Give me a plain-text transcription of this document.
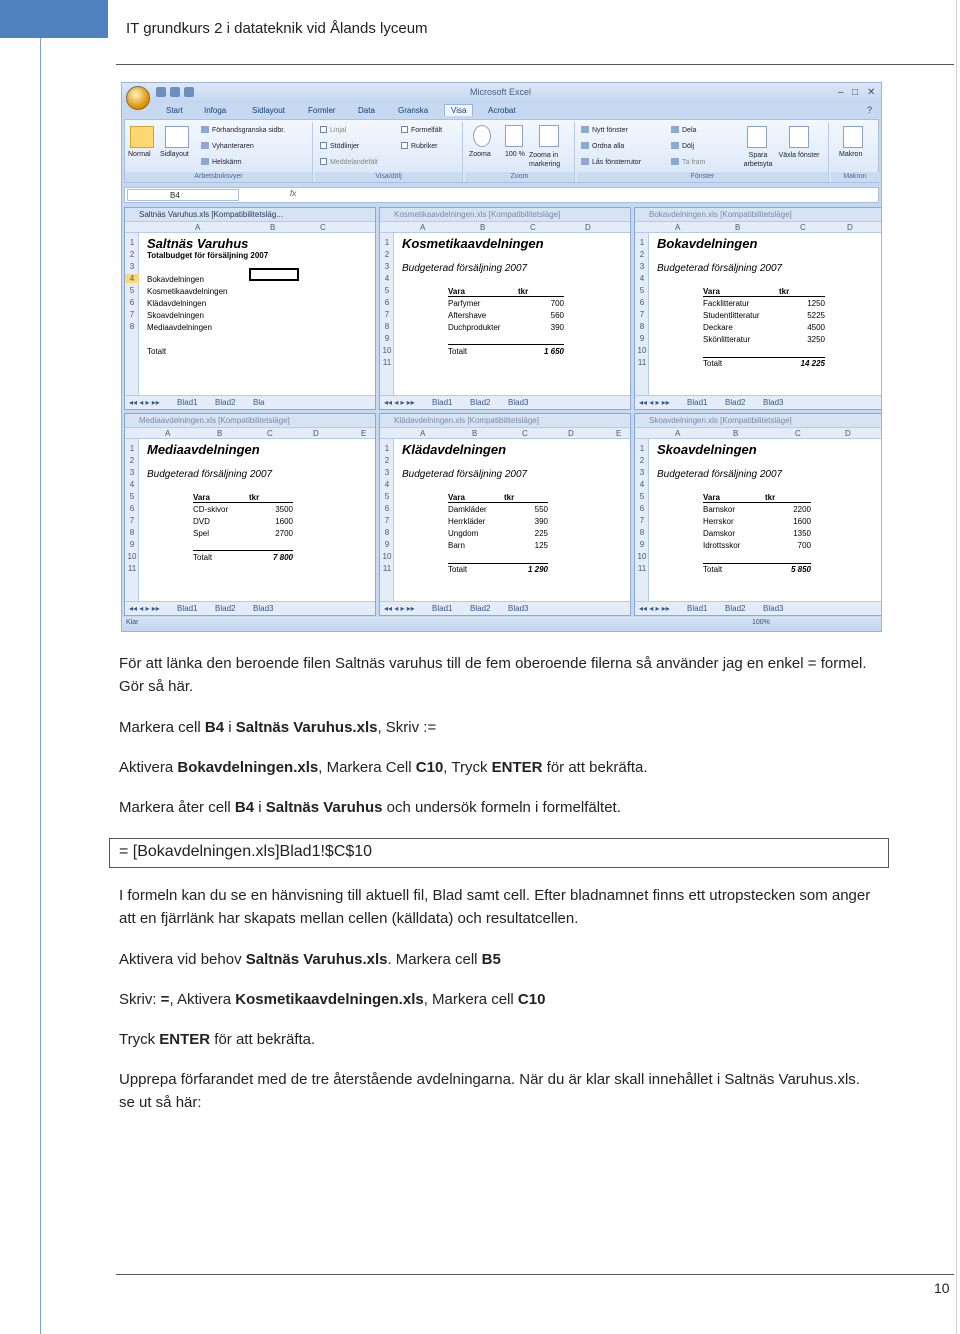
IT grundkurs 2 i datateknik vid Ålands lyceum
Microsoft Excel	– □ ✕
Start	Infoga	Sidlayout	Formler	Data	Granska	Visa	Acrobat	?
Normal Sidlayout
Förhandsgranska sidbr.
Vyhanteraren
Helskärm
Arbetsboksvyer
Linjal
Stödlinjer
Meddelandefält
Formelfält
Rubriker
Visa/dölj
Zooma 100 % Zooma in markering
Zoom
Nytt fönster
Ordna alla
Lås fönsterrutor
Dela
Dölj
Ta fram
Spara arbetsyta
Växla fönster
Fönster
Makron
Makron
B4	fx
Saltnäs Varuhus.xls [Kompatibilitetsläg...
A	B	C
1
2
3
4
5
6
7
8
Saltnäs Varuhus
Totalbudget för försäljning 2007
Bokavdelningen
Kosmetikaavdelningen
Klädavdelningen
Skoavdelningen
Mediaavdelningen
Totalt
◂◂ ◂ ▸ ▸▸ Blad1 Blad2 Bla
Kosmetikaavdelningen.xls [Kompatibilitetsläge]
A	B	C	D
1
2
3
4
5
6
7
8
9
10
11
Kosmetikaavdelningen
Budgeterad försäljning 2007
Vara	tkr
Parfymer	700
Aftershave	560
Duchprodukter	390
Totalt	1 650
◂◂ ◂ ▸ ▸▸ Blad1 Blad2 Blad3
Bokavdelningen.xls [Kompatibilitetsläge]
A	B	C	D
1
2
3
4
5
6
7
8
9
10
11
Bokavdelningen
Budgeterad försäljning 2007
Vara	tkr
Facklitteratur	1250
Studentlitteratur	5225
Deckare	4500
Skönlitteratur	3250
Totalt	14 225
◂◂ ◂ ▸ ▸▸ Blad1 Blad2 Blad3
Mediaavdelningen.xls [Kompatibilitetsläge]
A	B	C	D	E
1
2
3
4
5
6
7
8
9
10
11
Mediaavdelningen
Budgeterad försäljning 2007
Vara	tkr
CD-skivor	3500
DVD	1600
Spel	2700
Totalt	7 800
◂◂ ◂ ▸ ▸▸ Blad1 Blad2 Blad3
Klädavdelningen.xls [Kompatibilitetsläge]
A	B	C	D	E
1
2
3
4
5
6
7
8
9
10
11
Klädavdelningen
Budgeterad försäljning 2007
Vara	tkr
Damkläder	550
Herrkläder	390
Ungdom	225
Barn	125
Totalt	1 290
◂◂ ◂ ▸ ▸▸ Blad1 Blad2 Blad3
Skoavdelningen.xls [Kompatibilitetsläge]
A	B	C	D
1
2
3
4
5
6
7
8
9
10
11
Skoavdelningen
Budgeterad försäljning 2007
Vara	tkr
Barnskor	2200
Herrskor	1600
Damskor	1350
Idrottsskor	700
Totalt	5 850
◂◂ ◂ ▸ ▸▸ Blad1 Blad2 Blad3
Klar	100%
För att länka den beroende filen Saltnäs varuhus till de fem oberoende filerna så använder jag en enkel = formel. Gör så här.
Markera cell B4 i Saltnäs Varuhus.xls, Skriv :=
Aktivera Bokavdelningen.xls, Markera Cell C10, Tryck ENTER för att bekräfta.
Markera åter cell B4 i Saltnäs Varuhus och undersök formeln i formelfältet.
= [Bokavdelningen.xls]Blad1!$C$10
I formeln kan du se en hänvisning till aktuell fil, Blad samt cell. Efter bladnamnet finns ett utropstecken som anger att en fjärrlänk har skapats mellan cellen (källdata) och resultatcellen.
Aktivera vid behov Saltnäs Varuhus.xls. Markera cell B5
Skriv: =, Aktivera Kosmetikaavdelningen.xls, Markera cell C10
Tryck ENTER för att bekräfta.
Upprepa förfarandet med de tre återstående avdelningarna. När du är klar skall innehållet i Saltnäs Varuhus.xls. se ut så här:
10
